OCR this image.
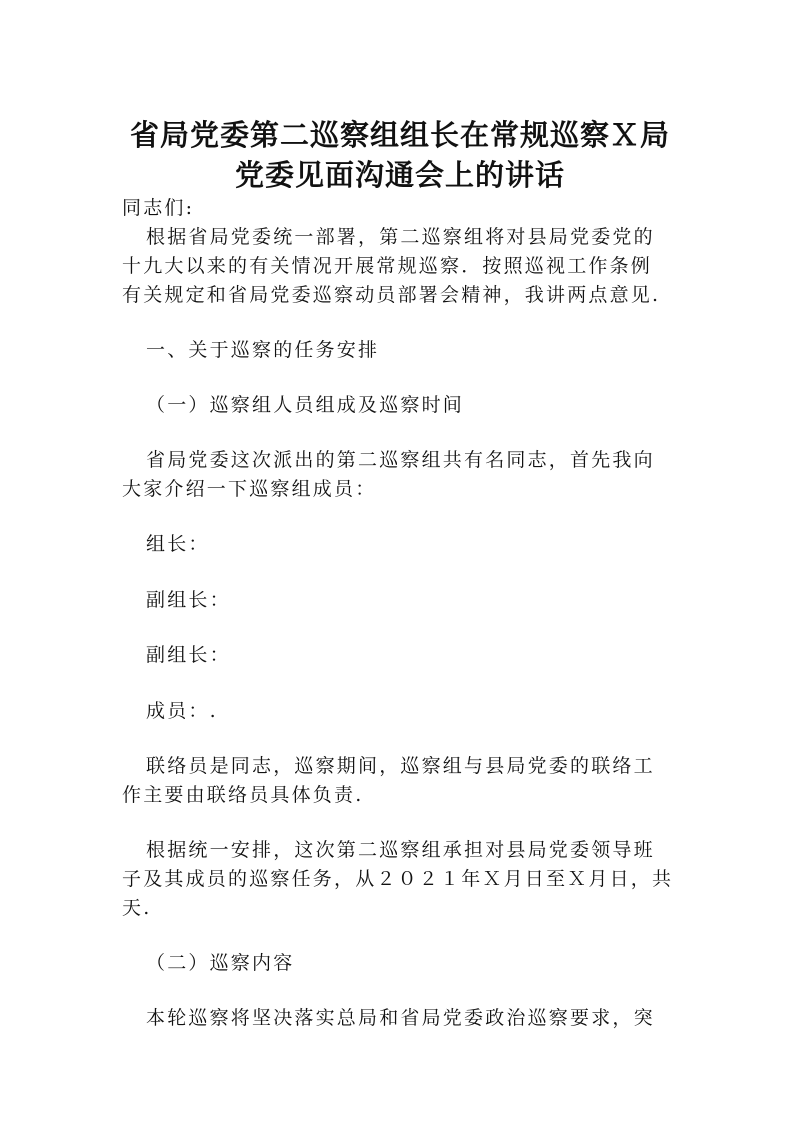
省局党委第二巡察组组长在常规巡察Ｘ局
党委见面沟通会上的讲话
同志们:
根据省局党委统一部署，第二巡察组将对县局党委党的
十九大以来的有关情况开展常规巡察．按照巡视工作条例
有关规定和省局党委巡察动员部署会精神，我讲两点意见.
一、关于巡察的任务安排
（一）巡察组人员组成及巡察时间
省局党委这次派出的第二巡察组共有名同志，首先我向
大家介绍一下巡察组成员：
组长：
副组长：
副组长：
成员：.
联络员是同志，巡察期间，巡察组与县局党委的联络工
作主要由联络员具体负责.
根据统一安排，这次第二巡察组承担对县局党委领导班
子及其成员的巡察任务，从２０２１年Ｘ月日至Ｘ月日，共
天.
（二）巡察内容
本轮巡察将坚决落实总局和省局党委政治巡察要求，突
